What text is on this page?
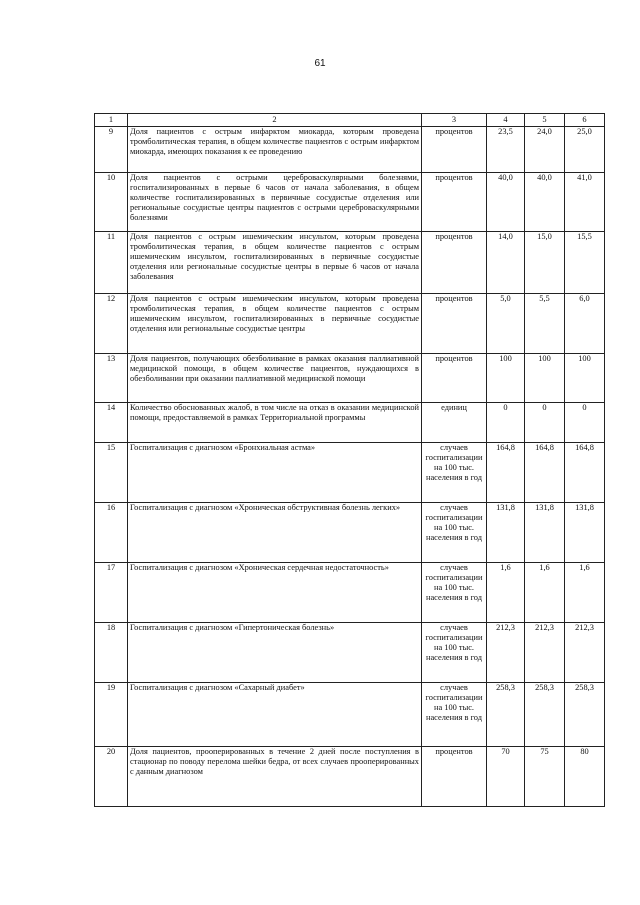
61
1	2	3	4	5	6
9	Доля пациентов с острым инфарктом миокарда, которым проведена тромболитическая терапия, в общем количестве пациентов с острым инфарктом миокарда, имеющих показания к ее проведению	процентов	23,5	24,0	25,0
10	Доля пациентов с острыми цереброваскулярными болезнями, госпитализированных в первые 6 часов от начала заболевания, в общем количестве госпитализированных в первичные сосудистые отделения или региональные сосудистые центры пациентов с острыми цереброваскулярными болезнями	процентов	40,0	40,0	41,0
11	Доля пациентов с острым ишемическим инсультом, которым проведена тромболитическая терапия, в общем количестве пациентов с острым ишемическим инсультом, госпитализированных в первичные сосудистые отделения или региональные сосудистые центры в первые 6 часов от начала заболевания	процентов	14,0	15,0	15,5
12	Доля пациентов с острым ишемическим инсультом, которым проведена тромболитическая терапия, в общем количестве пациентов с острым ишемическим инсультом, госпитализированных в первичные сосудистые отделения или региональные сосудистые центры	процентов	5,0	5,5	6,0
13	Доля пациентов, получающих обезболивание в рамках оказания паллиативной медицинской помощи, в общем количестве пациентов, нуждающихся в обезболивании при оказании паллиативной медицинской помощи	процентов	100	100	100
14	Количество обоснованных жалоб, в том числе на отказ в оказании медицинской помощи, предоставляемой в рамках Территориальной программы	единиц	0	0	0
15	Госпитализация с диагнозом «Бронхиальная астма»	случаев госпитализации на 100 тыс. населения в год	164,8	164,8	164,8
16	Госпитализация с диагнозом «Хроническая обструктивная болезнь легких»	случаев госпитализации на 100 тыс. населения в год	131,8	131,8	131,8
17	Госпитализация с диагнозом «Хроническая сердечная недостаточность»	случаев госпитализации на 100 тыс. населения в год	1,6	1,6	1,6
18	Госпитализация с диагнозом «Гипертоническая болезнь»	случаев госпитализации на 100 тыс. населения в год	212,3	212,3	212,3
19	Госпитализация с диагнозом «Сахарный диабет»	случаев госпитализации на 100 тыс. населения в год	258,3	258,3	258,3
20	Доля пациентов, прооперированных в течение 2 дней после поступления в стационар по поводу перелома шейки бедра, от всех случаев прооперированных с данным диагнозом	процентов	70	75	80
